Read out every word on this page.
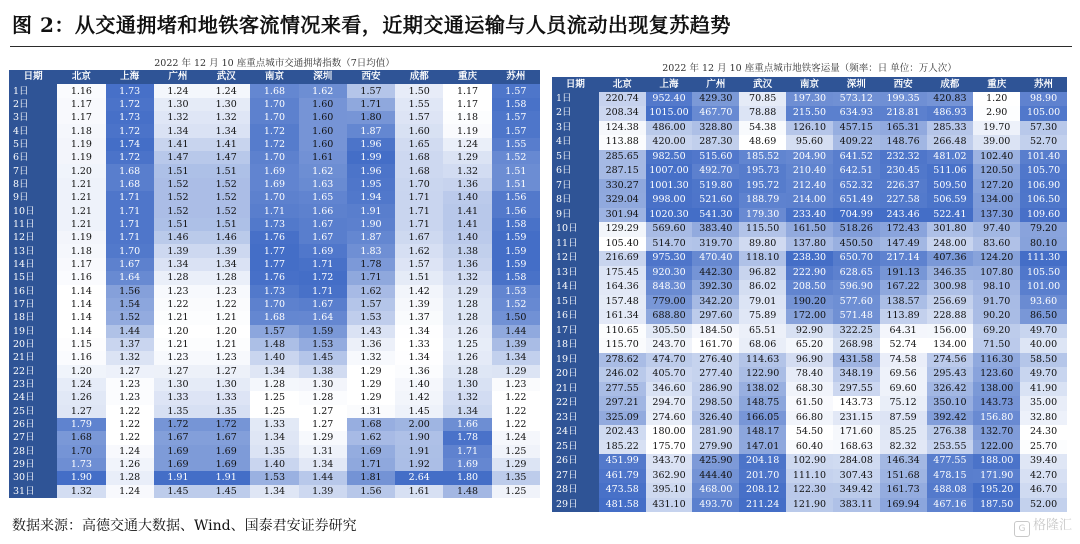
图 2：从交通拥堵和地铁客流情况来看，近期交通运输与人员流动出现复苏趋势
2022 年 12 月 10 座重点城市交通拥堵指数（7日均值）										
日期	北京	上海	广州	武汉	南京	深圳	西安	成都	重庆	苏州
1日	1.16	1.73	1.24	1.24	1.68	1.62	1.57	1.50	1.17	1.57
2日	1.17	1.72	1.30	1.30	1.70	1.60	1.71	1.55	1.17	1.58
3日	1.17	1.73	1.32	1.32	1.70	1.60	1.80	1.57	1.18	1.57
4日	1.18	1.72	1.34	1.34	1.72	1.60	1.87	1.60	1.19	1.57
5日	1.19	1.74	1.41	1.41	1.72	1.60	1.96	1.65	1.24	1.55
6日	1.19	1.72	1.47	1.47	1.70	1.61	1.99	1.68	1.29	1.52
7日	1.20	1.68	1.51	1.51	1.69	1.62	1.96	1.68	1.32	1.51
8日	1.21	1.68	1.52	1.52	1.69	1.63	1.95	1.70	1.36	1.51
9日	1.21	1.71	1.52	1.52	1.70	1.65	1.94	1.71	1.40	1.56
10日	1.21	1.71	1.52	1.52	1.71	1.66	1.91	1.71	1.41	1.56
11日	1.21	1.71	1.51	1.51	1.73	1.67	1.90	1.71	1.41	1.58
12日	1.19	1.71	1.46	1.46	1.76	1.67	1.87	1.67	1.40	1.59
13日	1.18	1.70	1.39	1.39	1.77	1.69	1.83	1.62	1.38	1.59
14日	1.17	1.67	1.34	1.34	1.77	1.71	1.78	1.57	1.36	1.59
15日	1.16	1.64	1.28	1.28	1.76	1.72	1.71	1.51	1.32	1.58
16日	1.14	1.56	1.23	1.23	1.73	1.71	1.62	1.42	1.29	1.53
17日	1.14	1.54	1.22	1.22	1.70	1.67	1.57	1.39	1.28	1.52
18日	1.14	1.52	1.21	1.21	1.68	1.64	1.53	1.37	1.28	1.50
19日	1.14	1.44	1.20	1.20	1.57	1.59	1.43	1.34	1.26	1.44
20日	1.15	1.37	1.21	1.21	1.48	1.53	1.36	1.33	1.25	1.39
21日	1.16	1.32	1.23	1.23	1.40	1.45	1.32	1.34	1.26	1.34
22日	1.20	1.27	1.27	1.27	1.34	1.38	1.29	1.36	1.28	1.29
23日	1.24	1.23	1.30	1.30	1.28	1.30	1.29	1.40	1.30	1.23
24日	1.26	1.23	1.33	1.33	1.25	1.28	1.29	1.42	1.32	1.22
25日	1.27	1.22	1.35	1.35	1.25	1.27	1.31	1.45	1.34	1.22
26日	1.79	1.22	1.72	1.72	1.33	1.27	1.68	2.00	1.66	1.22
27日	1.68	1.22	1.67	1.67	1.34	1.29	1.62	1.90	1.78	1.24
28日	1.70	1.24	1.69	1.69	1.35	1.31	1.69	1.91	1.71	1.25
29日	1.73	1.26	1.69	1.69	1.40	1.34	1.71	1.92	1.69	1.29
30日	1.90	1.28	1.91	1.91	1.53	1.44	1.81	2.64	1.80	1.35
31日	1.32	1.24	1.45	1.45	1.34	1.39	1.56	1.61	1.48	1.25
2022 年 12 月 10 座重点城市地铁客运量（频率：日 单位：万人次）										
日期	北京	上海	广州	武汉	南京	深圳	西安	成都	重庆	苏州
1日	220.74	952.40	429.30	70.85	197.30	573.12	199.35	420.83	1.20	98.90
2日	208.34	1015.00	467.70	78.88	215.50	634.93	218.81	486.93	2.90	105.00
3日	124.38	486.00	328.80	54.38	126.10	457.15	165.31	285.33	19.70	57.30
4日	113.88	420.00	287.30	48.69	95.60	409.22	148.76	266.48	39.00	52.70
5日	285.65	982.50	515.60	185.52	204.90	641.52	232.32	481.02	102.40	101.40
6日	287.15	1007.00	492.70	195.73	210.40	642.51	230.45	511.06	120.50	105.70
7日	330.27	1001.30	519.80	195.72	212.40	652.32	226.37	509.50	127.20	106.90
8日	329.04	998.00	521.60	188.79	214.00	651.49	227.58	506.59	134.00	106.50
9日	301.94	1020.30	541.30	179.30	233.40	704.99	243.46	522.41	137.30	109.60
10日	129.29	569.60	383.40	115.50	161.50	518.26	172.43	301.80	97.40	79.20
11日	105.40	514.70	319.70	89.80	137.80	450.50	147.49	248.00	83.60	80.10
12日	216.69	975.30	470.40	118.10	238.30	650.70	217.14	407.36	124.20	111.30
13日	175.45	920.30	442.30	96.82	222.90	628.65	191.13	346.35	107.80	105.50
14日	164.36	848.30	392.30	86.02	208.50	596.90	167.22	300.98	98.10	101.00
15日	157.48	779.00	342.20	79.01	190.20	577.60	138.57	256.69	91.70	93.60
16日	161.34	688.80	297.60	75.89	172.00	571.48	113.89	228.88	90.20	86.50
17日	110.65	305.50	184.50	65.51	92.90	322.25	64.31	156.00	69.20	49.70
18日	115.70	243.70	161.70	68.06	65.20	268.98	52.74	134.00	71.50	40.00
19日	278.62	474.70	276.40	114.63	96.90	431.58	74.58	274.56	116.30	58.50
20日	246.02	405.70	277.40	122.90	78.40	348.19	69.56	295.43	123.60	49.70
21日	277.55	346.60	286.90	138.02	68.30	297.55	69.60	326.42	138.00	41.90
22日	297.21	294.70	298.50	148.75	61.50	143.73	75.12	350.10	143.73	35.00
23日	325.09	274.60	326.40	166.05	66.80	231.15	87.59	392.42	156.80	32.80
24日	202.43	180.00	281.90	148.17	54.50	171.60	85.25	276.38	132.70	24.30
25日	185.22	175.70	279.90	147.01	60.40	168.63	82.32	253.55	122.00	25.70
26日	451.99	343.70	425.90	204.18	102.90	284.08	146.34	477.55	188.00	39.40
27日	461.79	362.90	444.40	201.70	111.10	307.43	151.68	478.15	171.90	42.70
28日	473.58	395.10	468.00	208.12	122.30	349.42	161.73	488.08	195.20	46.70
29日	481.58	431.10	493.70	211.24	121.90	383.11	169.94	467.16	187.50	52.00
数据来源：高德交通大数据、Wind、国泰君安证券研究	G 格隆汇
